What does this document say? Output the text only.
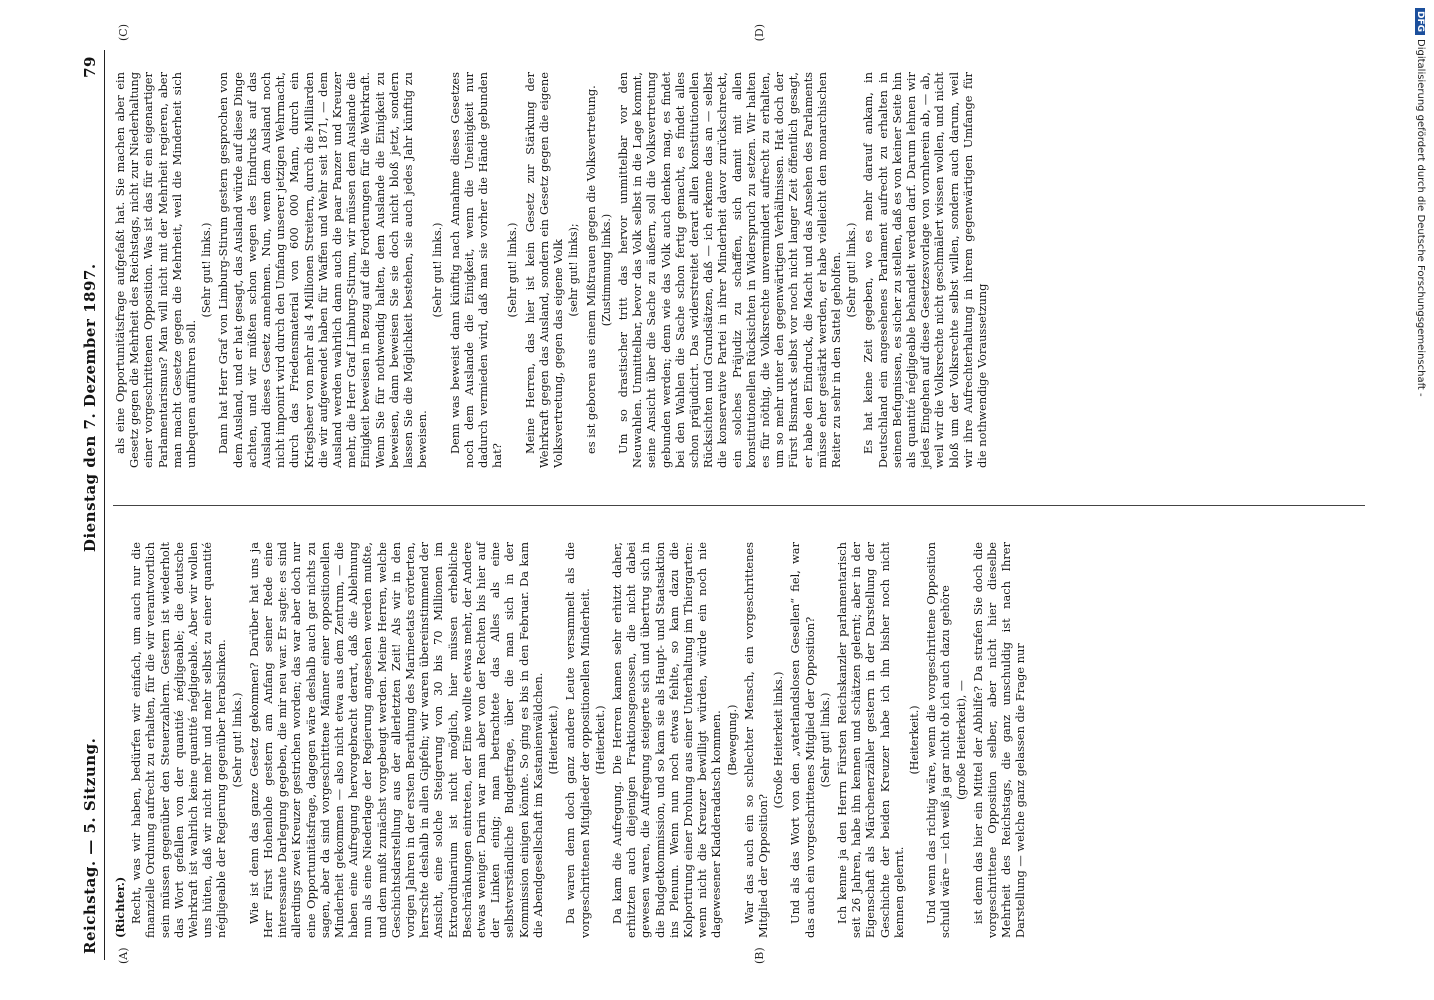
Reichstag. — 5. Sitzung.
Dienstag den 7. Dezember 1897.
79
(A)	(B)
(Richter.) Recht, was wir haben, bedürfen wir einfach, um auch nur die finanzielle Ordnung aufrecht zu erhalten, für die wir verantwortlich sein müssen gegenüber den Steuerzahlern. Gestern ist wiederholt das Wort gefallen von der quantité négligeable; die deutsche Wehrkraft ist wahrlich keine quantité négligeable. Aber wir wollen uns hüten, daß wir nicht mehr und mehr selbst zu einer quantité négligeable der Regierung gegenüber herabsinken. (Sehr gut! links.) Wie ist denn das ganze Gesetz gekommen? Darüber hat uns ja Herr Fürst Hohenlohe gestern am Anfang seiner Rede eine interessante Darlegung gegeben, die mir neu war. Er sagte: es sind allerdings zwei Kreuzer gestrichen worden; das war aber doch nur eine Opportunitätsfrage, dagegen wäre deshalb auch gar nichts zu sagen, aber da sind vorgeschrittene Männer einer oppositionellen Minderheit gekommen — also nicht etwa aus dem Zentrum, — die haben eine Aufregung hervorgebracht derart, daß die Ablehnung nun als eine Niederlage der Regierung angesehen werden mußte, und dem mußt zunächst vorgebeugt werden. Meine Herren, welche Geschichtsdarstellung aus der allerletzten Zeit! Als wir in den vorigen Jahren in der ersten Berathung des Marineetats erörterten, herrschte deshalb in allen Gipfeln; wir waren übereinstimmend der Ansicht, eine solche Steigerung von 30 bis 70 Millionen im Extraordinarium ist nicht möglich, hier müssen erhebliche Beschränkungen eintreten, der Eine wollte etwas mehr, der Andere etwas weniger. Darin war man aber von der Rechten bis hier auf der Linken einig; man betrachtete das Alles als eine selbstverständliche Budgetfrage, über die man sich in der Kommission einigen könnte. So ging es bis in den Februar. Da kam die Abendgesellschaft im Kastanienwäldchen. (Heiterkeit.) Da waren denn doch ganz andere Leute versammelt als die vorgeschrittenen Mitglieder der oppositionellen Minderheit. (Heiterkeit.) Da kam die Aufregung. Die Herren kamen sehr erhitzt daher, erhitzten auch diejenigen Fraktionsgenossen, die nicht dabei gewesen waren, die Aufregung steigerte sich und übertrug sich in die Budgetkommission, und so kam sie als Haupt- und Staatsaktion ins Plenum. Wenn nun noch etwas fehlte, so kam dazu die Kolportirung einer Drohung aus einer Unterhaltung im Thiergarten: wenn nicht die Kreuzer bewilligt würden, würde ein noch nie dagewesener Kladderadatsch kommen. (Bewegung.) War das auch ein so schlechter Mensch, ein vorgeschrittenes Mitglied der Opposition?
(Große Heiterkeit links.) Und als das Wort von den „vaterlandslosen Gesellen“ fiel, war das auch ein vorgeschrittenes Mitglied der Opposition? (Sehr gut! links.) Ich kenne ja den Herrn Fürsten Reichskanzler parlamentarisch seit 26 Jahren, habe ihn kennen und schätzen gelernt; aber in der Eigenschaft als Märchenerzähler gestern in der Darstellung der Geschichte der beiden Kreuzer habe ich ihn bisher noch nicht kennen gelernt.
(Heiterkeit.) Und wenn das richtig wäre, wenn die vorgeschrittene Opposition schuld wäre — ich weiß ja gar nicht ob ich auch dazu gehöre (große Heiterkeit), — ist denn das hier ein Mittel der Abhilfe? Da strafen Sie doch die vorgeschrittene Opposition selber, aber nicht hier dieselbe Mehrheit des Reichstags, die ganz unschuldig ist nach Ihrer Darstellung — welche ganz gelassen die Frage nur
(C)	(D)
als eine Opportunitätsfrage aufgefaßt hat. Sie machen aber ein Gesetz gegen die Mehrheit des Reichstags, nicht zur Niederhaltung einer vorgeschrittenen Opposition. Was ist das für ein eigenartiger Parlamentarismus? Man will nicht mit der Mehrheit regieren, aber man macht Gesetze gegen die Mehrheit, weil die Minderheit sich unbequem aufführen soll.
(Sehr gut! links.) Dann hat Herr Graf von Limburg-Stirum gestern gesprochen von dem Ausland, und er hat gesagt, das Ausland würde auf diese Dinge achten, und wir müßten schon wegen des Eindrucks auf das Ausland dieses Gesetz annehmen. Nun, wenn dem Ausland noch nicht imponirt wird durch den Umfang unserer jetzigen Wehrmacht, durch das Friedensmaterial von 600 000 Mann, durch ein Kriegsheer von mehr als 4 Millionen Streitern, durch die Milliarden die wir aufgewendet haben für Waffen und Wehr seit 1871, — dem Ausland werden wahrlich dann auch die paar Panzer und Kreuzer mehr, die Herr Graf Limburg-Stirum, wir müssen dem Auslande die Einigkeit beweisen in Bezug auf die Forderungen für die Wehrkraft. Wenn Sie für nothwendig halten, dem Auslande die Einigkeit zu beweisen, dann beweisen Sie sie doch nicht bloß jetzt, sondern lassen Sie die Möglichkeit bestehen, sie auch jedes Jahr künftig zu beweisen.
(Sehr gut! links.) Denn was beweist dann künftig nach Annahme dieses Gesetzes noch dem Auslande die Einigkeit, wenn die Uneinigkeit nur dadurch vermieden wird, daß man sie vorher die Hände gebunden hat?
(Sehr gut! links.) Meine Herren, das hier ist kein Gesetz zur Stärkung der Wehrkraft gegen das Ausland, sondern ein Gesetz gegen die eigene Volksvertretung, gegen das eigene Volk (sehr gut! links); es ist geboren aus einem Mißtrauen gegen die Volksvertretung. (Zustimmung links.) Um so drastischer tritt das hervor unmittelbar vor den Neuwahlen. Unmittelbar, bevor das Volk selbst in die Lage kommt, seine Ansicht über die Sache zu äußern, soll die Volksvertretung gebunden werden; denn wie das Volk auch denken mag, es findet bei den Wahlen die Sache schon fertig gemacht, es findet alles schon präjudicirt. Das widerstreitet derart allen konstitutionellen Rücksichten und Grundsätzen, daß — ich erkenne das an — selbst die konservative Partei in ihrer Minderheit davor zurückschreckt, ein solches Präjudiz zu schaffen, sich damit mit allen konstitutionellen Rücksichten in Widerspruch zu setzen. Wir halten es für nöthig, die Volksrechte unvermindert aufrecht zu erhalten, um so mehr unter den gegenwärtigen Verhältnissen. Hat doch der Fürst Bismarck selbst vor noch nicht langer Zeit öffentlich gesagt, er habe den Eindruck, die Macht und das Ansehen des Parlaments müsse eher gestärkt werden, er habe vielleicht den monarchischen Reiter zu sehr in den Sattel geholfen. (Sehr gut! links.) Es hat keine Zeit gegeben, wo es mehr darauf ankam, in Deutschland ein angesehenes Parlament aufrecht zu erhalten in seinen Befugnissen, es sicher zu stellen, daß es von keiner Seite hin als quantité négligeable behandelt werden darf. Darum lehnen wir jedes Eingehen auf diese Gesetzesvorlage von vornherein ab, — ab, weil wir die Volksrechte nicht geschmälert wissen wollen, und nicht bloß um der Volksrechte selbst willen, sondern auch darum, weil wir ihre Aufrechterhaltung in ihrem gegenwärtigen Umfange für die nothwendige Voraussetzung
DFGDigitalisierung gefördert durch die Deutsche Forschungsgemeinschaft -
